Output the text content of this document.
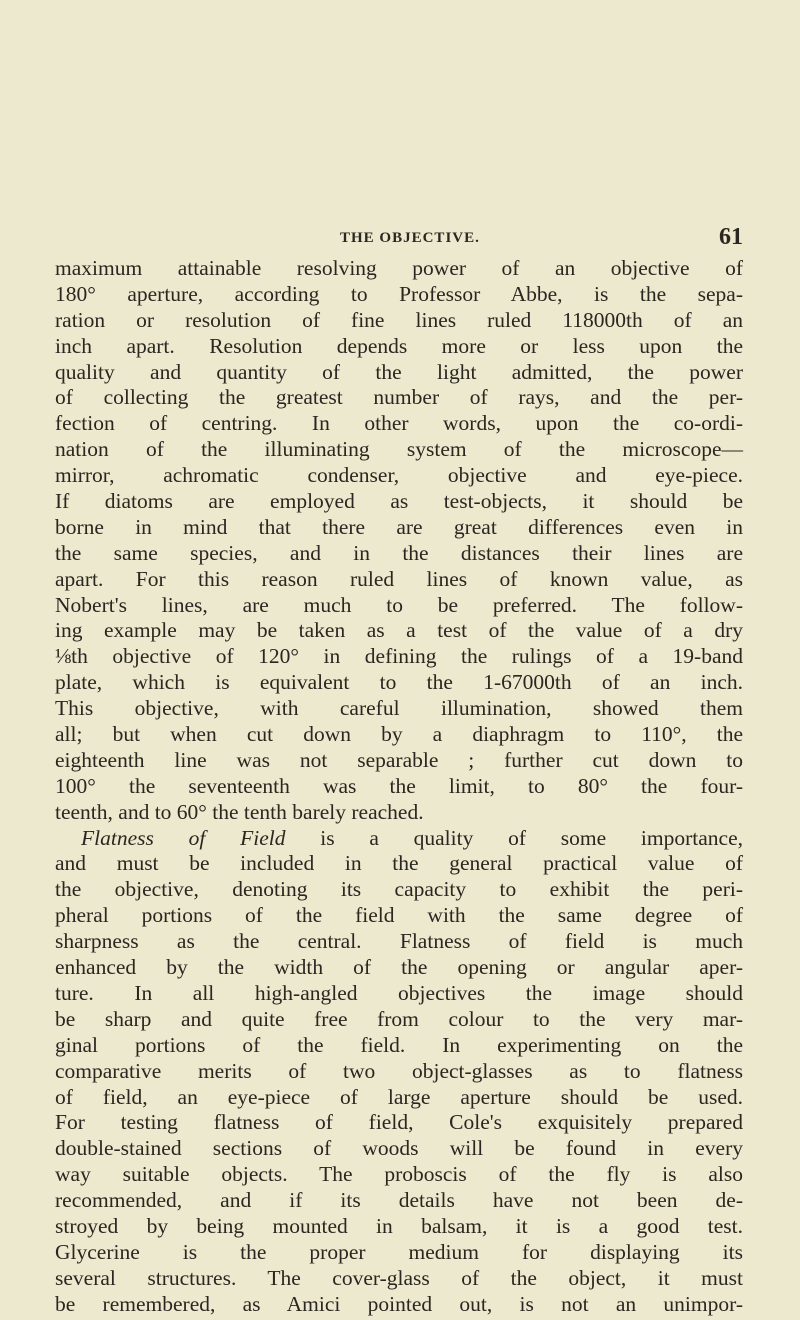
THE OBJECTIVE.	61
maximum attainable resolving power of an objective of
180° aperture, according to Professor Abbe, is the sepa-
ration or resolution of fine lines ruled 118000th of an
inch apart. Resolution depends more or less upon the
quality and quantity of the light admitted, the power
of collecting the greatest number of rays, and the per-
fection of centring. In other words, upon the co-ordi-
nation of the illuminating system of the microscope—
mirror, achromatic condenser, objective and eye-piece.
If diatoms are employed as test-objects, it should be
borne in mind that there are great differences even in
the same species, and in the distances their lines are
apart. For this reason ruled lines of known value, as
Nobert's lines, are much to be preferred. The follow-
ing example may be taken as a test of the value of a dry
⅛th objective of 120° in defining the rulings of a 19-band
plate, which is equivalent to the 1-67000th of an inch.
This objective, with careful illumination, showed them
all; but when cut down by a diaphragm to 110°, the
eighteenth line was not separable ; further cut down to
100° the seventeenth was the limit, to 80° the four-
teenth, and to 60° the tenth barely reached.
Flatness of Field is a quality of some importance,
and must be included in the general practical value of
the objective, denoting its capacity to exhibit the peri-
pheral portions of the field with the same degree of
sharpness as the central. Flatness of field is much
enhanced by the width of the opening or angular aper-
ture. In all high-angled objectives the image should
be sharp and quite free from colour to the very mar-
ginal portions of the field. In experimenting on the
comparative merits of two object-glasses as to flatness
of field, an eye-piece of large aperture should be used.
For testing flatness of field, Cole's exquisitely prepared
double-stained sections of woods will be found in every
way suitable objects. The proboscis of the fly is also
recommended, and if its details have not been de-
stroyed by being mounted in balsam, it is a good test.
Glycerine is the proper medium for displaying its
several structures. The cover-glass of the object, it must
be remembered, as Amici pointed out, is not an unimpor-
